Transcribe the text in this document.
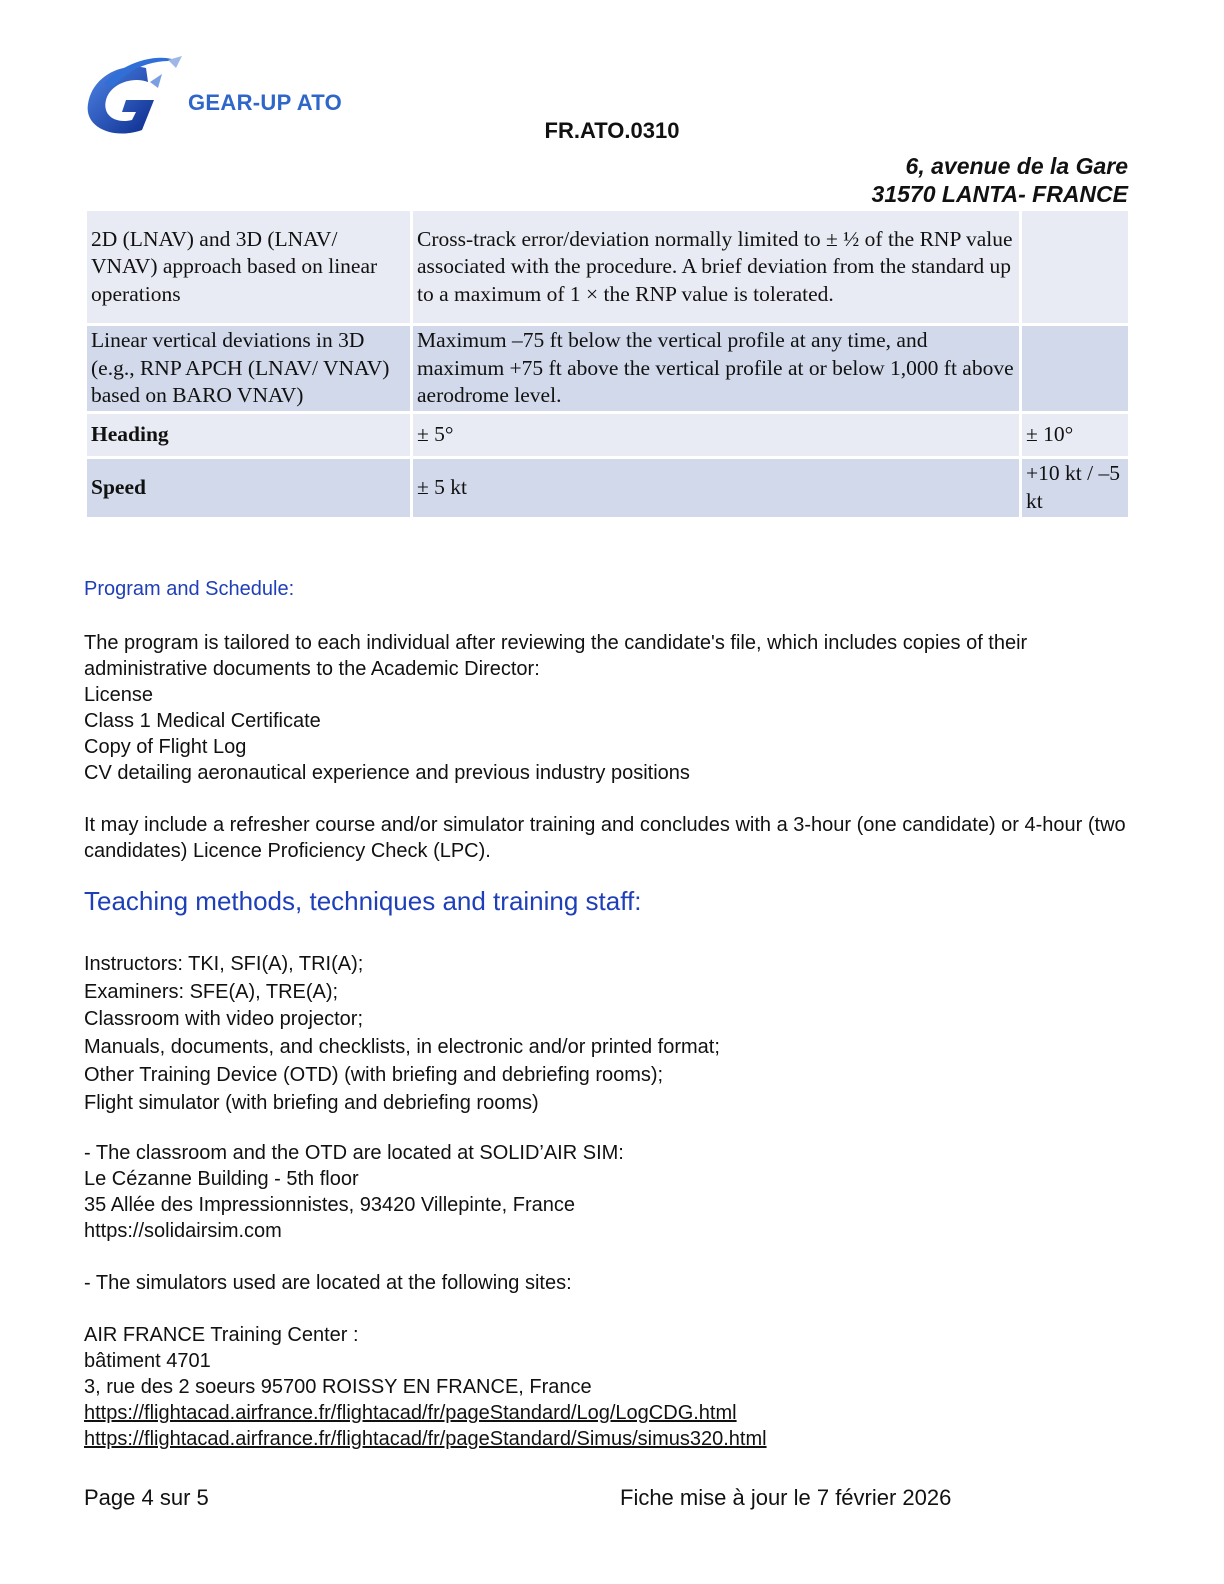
GEAR-UP ATO
FR.ATO.0310
6, avenue de la Gare
31570 LANTA- FRANCE
2D (LNAV) and 3D (LNAV/ VNAV) approach based on linear operations	Cross-track error/deviation normally limited to ± ½ of the RNP value associated with the procedure. A brief deviation from the standard up to a maximum of 1 × the RNP value is tolerated.	
Linear vertical deviations in 3D (e.g., RNP APCH (LNAV/ VNAV) based on BARO VNAV)	Maximum –75 ft below the vertical profile at any time, and maximum +75 ft above the vertical profile at or below 1,000 ft above aerodrome level.	
Heading	± 5°	± 10°
Speed	± 5 kt	+10 kt / –5 kt
Program and Schedule:
The program is tailored to each individual after reviewing the candidate's file, which includes copies of their administrative documents to the Academic Director:
License
Class 1 Medical Certificate
Copy of Flight Log
CV detailing aeronautical experience and previous industry positions
It may include a refresher course and/or simulator training and concludes with a 3-hour (one candidate) or 4-hour (two candidates) Licence Proficiency Check (LPC).
Teaching methods, techniques and training staff:
Instructors: TKI, SFI(A), TRI(A);
Examiners: SFE(A), TRE(A);
Classroom with video projector;
Manuals, documents, and checklists, in electronic and/or printed format;
Other Training Device (OTD) (with briefing and debriefing rooms);
Flight simulator (with briefing and debriefing rooms)
- The classroom and the OTD are located at SOLID’AIR SIM:
Le Cézanne Building - 5th floor
35 Allée des Impressionnistes, 93420 Villepinte, France
https://solidairsim.com
- The simulators used are located at the following sites:
AIR FRANCE Training Center :
bâtiment 4701
3, rue des 2 soeurs 95700 ROISSY EN FRANCE, France
https://flightacad.airfrance.fr/flightacad/fr/pageStandard/Log/LogCDG.html
https://flightacad.airfrance.fr/flightacad/fr/pageStandard/Simus/simus320.html
Page 4 sur 5	Fiche mise à jour le 7 février 2026
